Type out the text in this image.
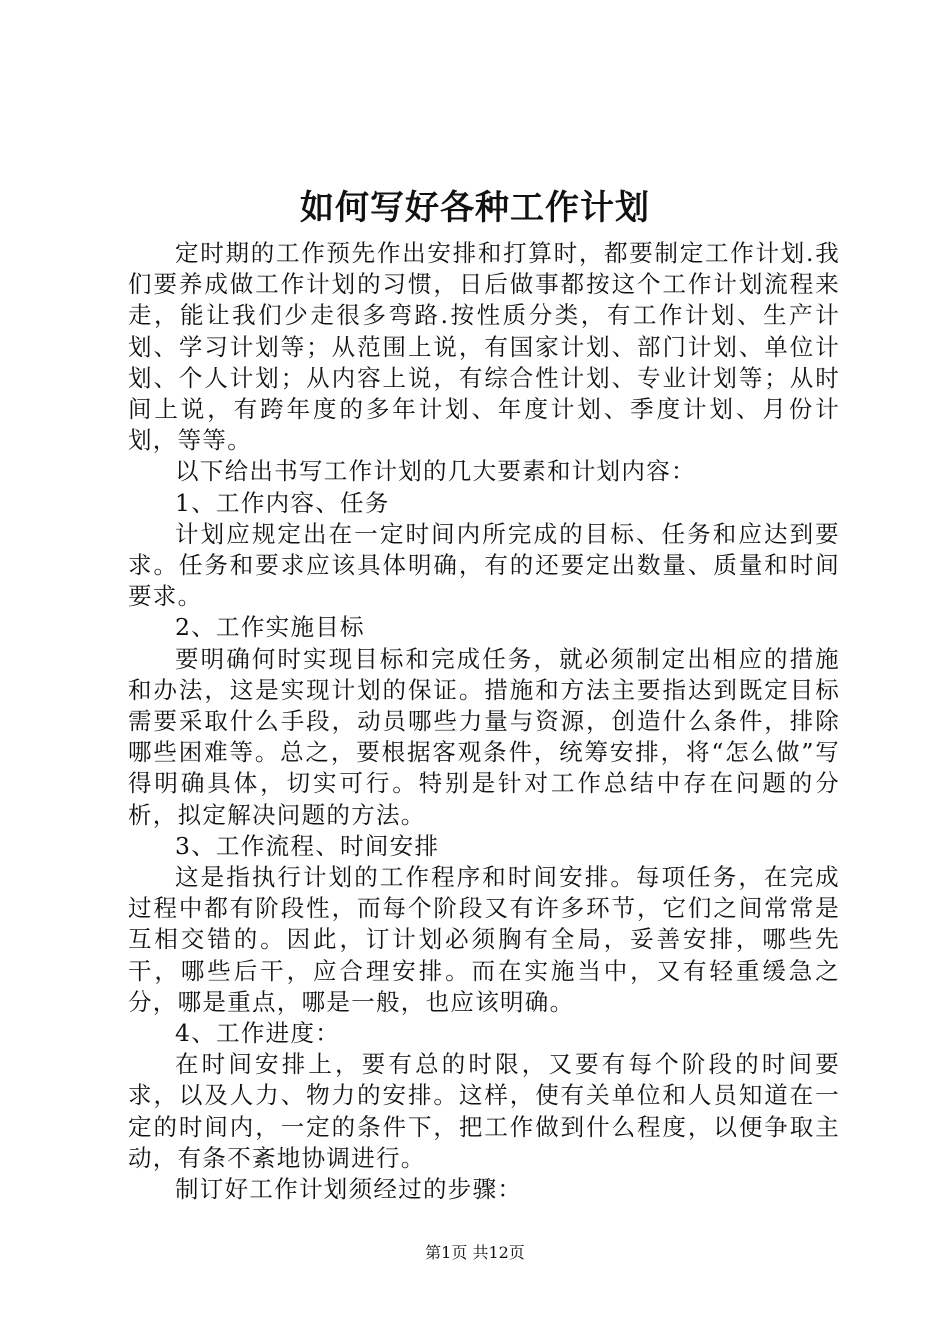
如何写好各种工作计划

定时期的工作预先作出安排和打算时，都要制定工作计划.我们要养成做工作计划的习惯，日后做事都按这个工作计划流程来走，能让我们少走很多弯路.按性质分类，有工作计划、生产计划、学习计划等；从范围上说，有国家计划、部门计划、单位计划、个人计划；从内容上说，有综合性计划、专业计划等；从时间上说，有跨年度的多年计划、年度计划、季度计划、月份计划，等等。

以下给出书写工作计划的几大要素和计划内容：

1、工作内容、任务

计划应规定出在一定时间内所完成的目标、任务和应达到要求。任务和要求应该具体明确，有的还要定出数量、质量和时间要求。

2、工作实施目标

要明确何时实现目标和完成任务，就必须制定出相应的措施和办法，这是实现计划的保证。措施和方法主要指达到既定目标需要采取什么手段，动员哪些力量与资源，创造什么条件，排除哪些困难等。总之，要根据客观条件，统筹安排，将“怎么做”写得明确具体，切实可行。特别是针对工作总结中存在问题的分析，拟定解决问题的方法。

3、工作流程、时间安排

这是指执行计划的工作程序和时间安排。每项任务，在完成过程中都有阶段性，而每个阶段又有许多环节，它们之间常常是互相交错的。因此，订计划必须胸有全局，妥善安排，哪些先干，哪些后干，应合理安排。而在实施当中，又有轻重缓急之分，哪是重点，哪是一般，也应该明确。

4、工作进度：

在时间安排上，要有总的时限，又要有每个阶段的时间要求，以及人力、物力的安排。这样，使有关单位和人员知道在一定的时间内，一定的条件下，把工作做到什么程度，以便争取主动，有条不紊地协调进行。

制订好工作计划须经过的步骤：

第1页 共12页
